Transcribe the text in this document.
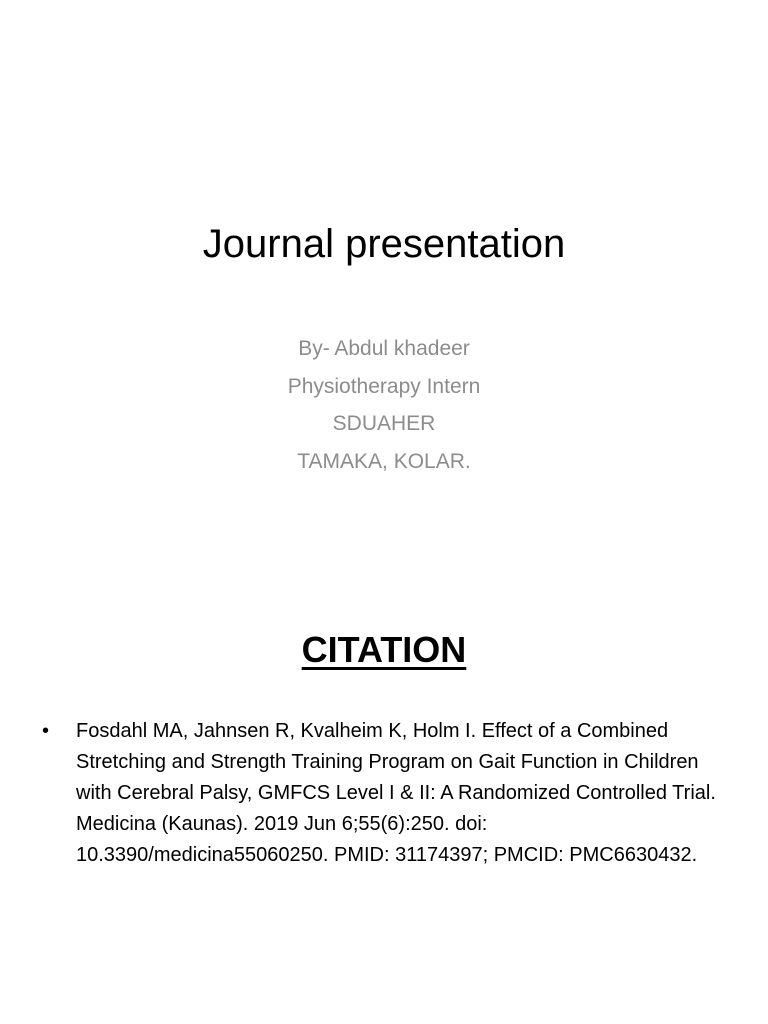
Journal presentation
By- Abdul khadeer
Physiotherapy Intern
SDUAHER
TAMAKA, KOLAR.
CITATION
• Fosdahl MA, Jahnsen R, Kvalheim K, Holm I. Effect of a Combined Stretching and Strength Training Program on Gait Function in Children with Cerebral Palsy, GMFCS Level I & II: A Randomized Controlled Trial. Medicina (Kaunas). 2019 Jun 6;55(6):250. doi: 10.3390/medicina55060250. PMID: 31174397; PMCID: PMC6630432.
